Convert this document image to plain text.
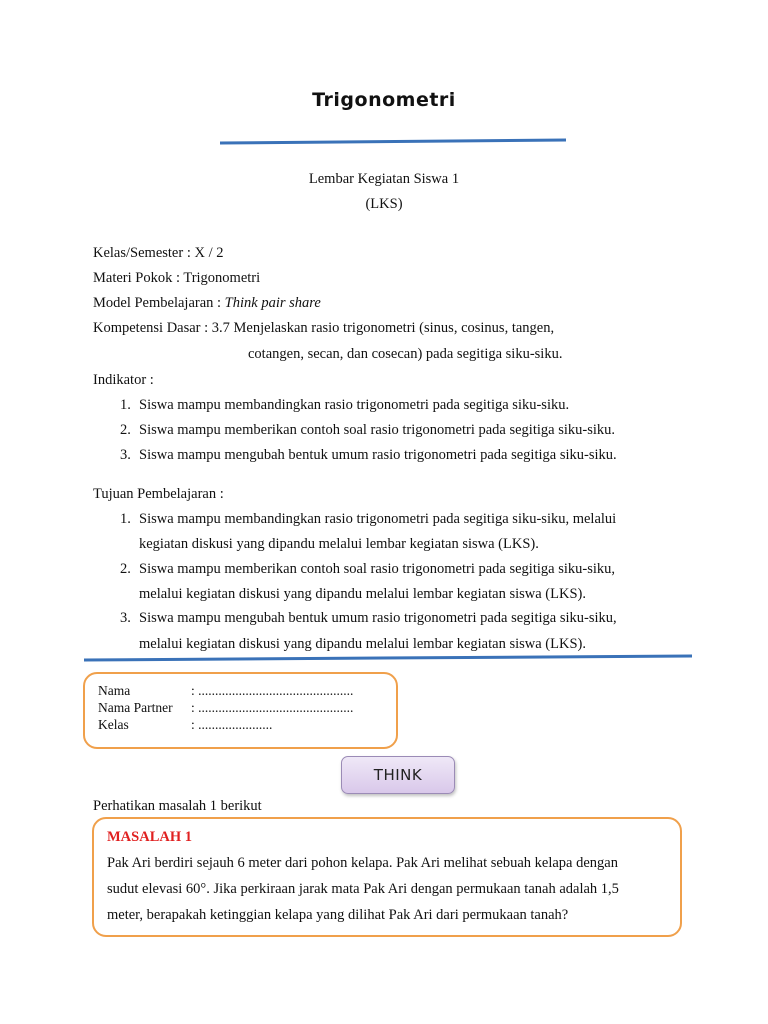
Trigonometri
Lembar Kegiatan Siswa 1
(LKS)
Kelas/Semester : X / 2
Materi Pokok : Trigonometri
Model Pembelajaran : Think pair share
Kompetensi Dasar : 3.7 Menjelaskan rasio trigonometri (sinus, cosinus, tangen,
cotangen, secan, dan cosecan) pada segitiga siku-siku.
Indikator :
1. Siswa mampu membandingkan rasio trigonometri pada segitiga siku-siku.
2. Siswa mampu memberikan contoh soal rasio trigonometri pada segitiga siku-siku.
3. Siswa mampu mengubah bentuk umum rasio trigonometri pada segitiga siku-siku.
Tujuan Pembelajaran :
1. Siswa mampu membandingkan rasio trigonometri pada segitiga siku-siku, melalui
kegiatan diskusi yang dipandu melalui lembar kegiatan siswa (LKS).
2. Siswa mampu memberikan contoh soal rasio trigonometri pada segitiga siku-siku,
melalui kegiatan diskusi yang dipandu melalui lembar kegiatan siswa (LKS).
3. Siswa mampu mengubah bentuk umum rasio trigonometri pada segitiga siku-siku,
melalui kegiatan diskusi yang dipandu melalui lembar kegiatan siswa (LKS).
Nama	: ..............................................
Nama Partner : ..............................................
Kelas	: ......................
THINK
Perhatikan masalah 1 berikut
MASALAH 1
Pak Ari berdiri sejauh 6 meter dari pohon kelapa. Pak Ari melihat sebuah kelapa dengan
sudut elevasi 60°. Jika perkiraan jarak mata Pak Ari dengan permukaan tanah adalah 1,5
meter, berapakah ketinggian kelapa yang dilihat Pak Ari dari permukaan tanah?
